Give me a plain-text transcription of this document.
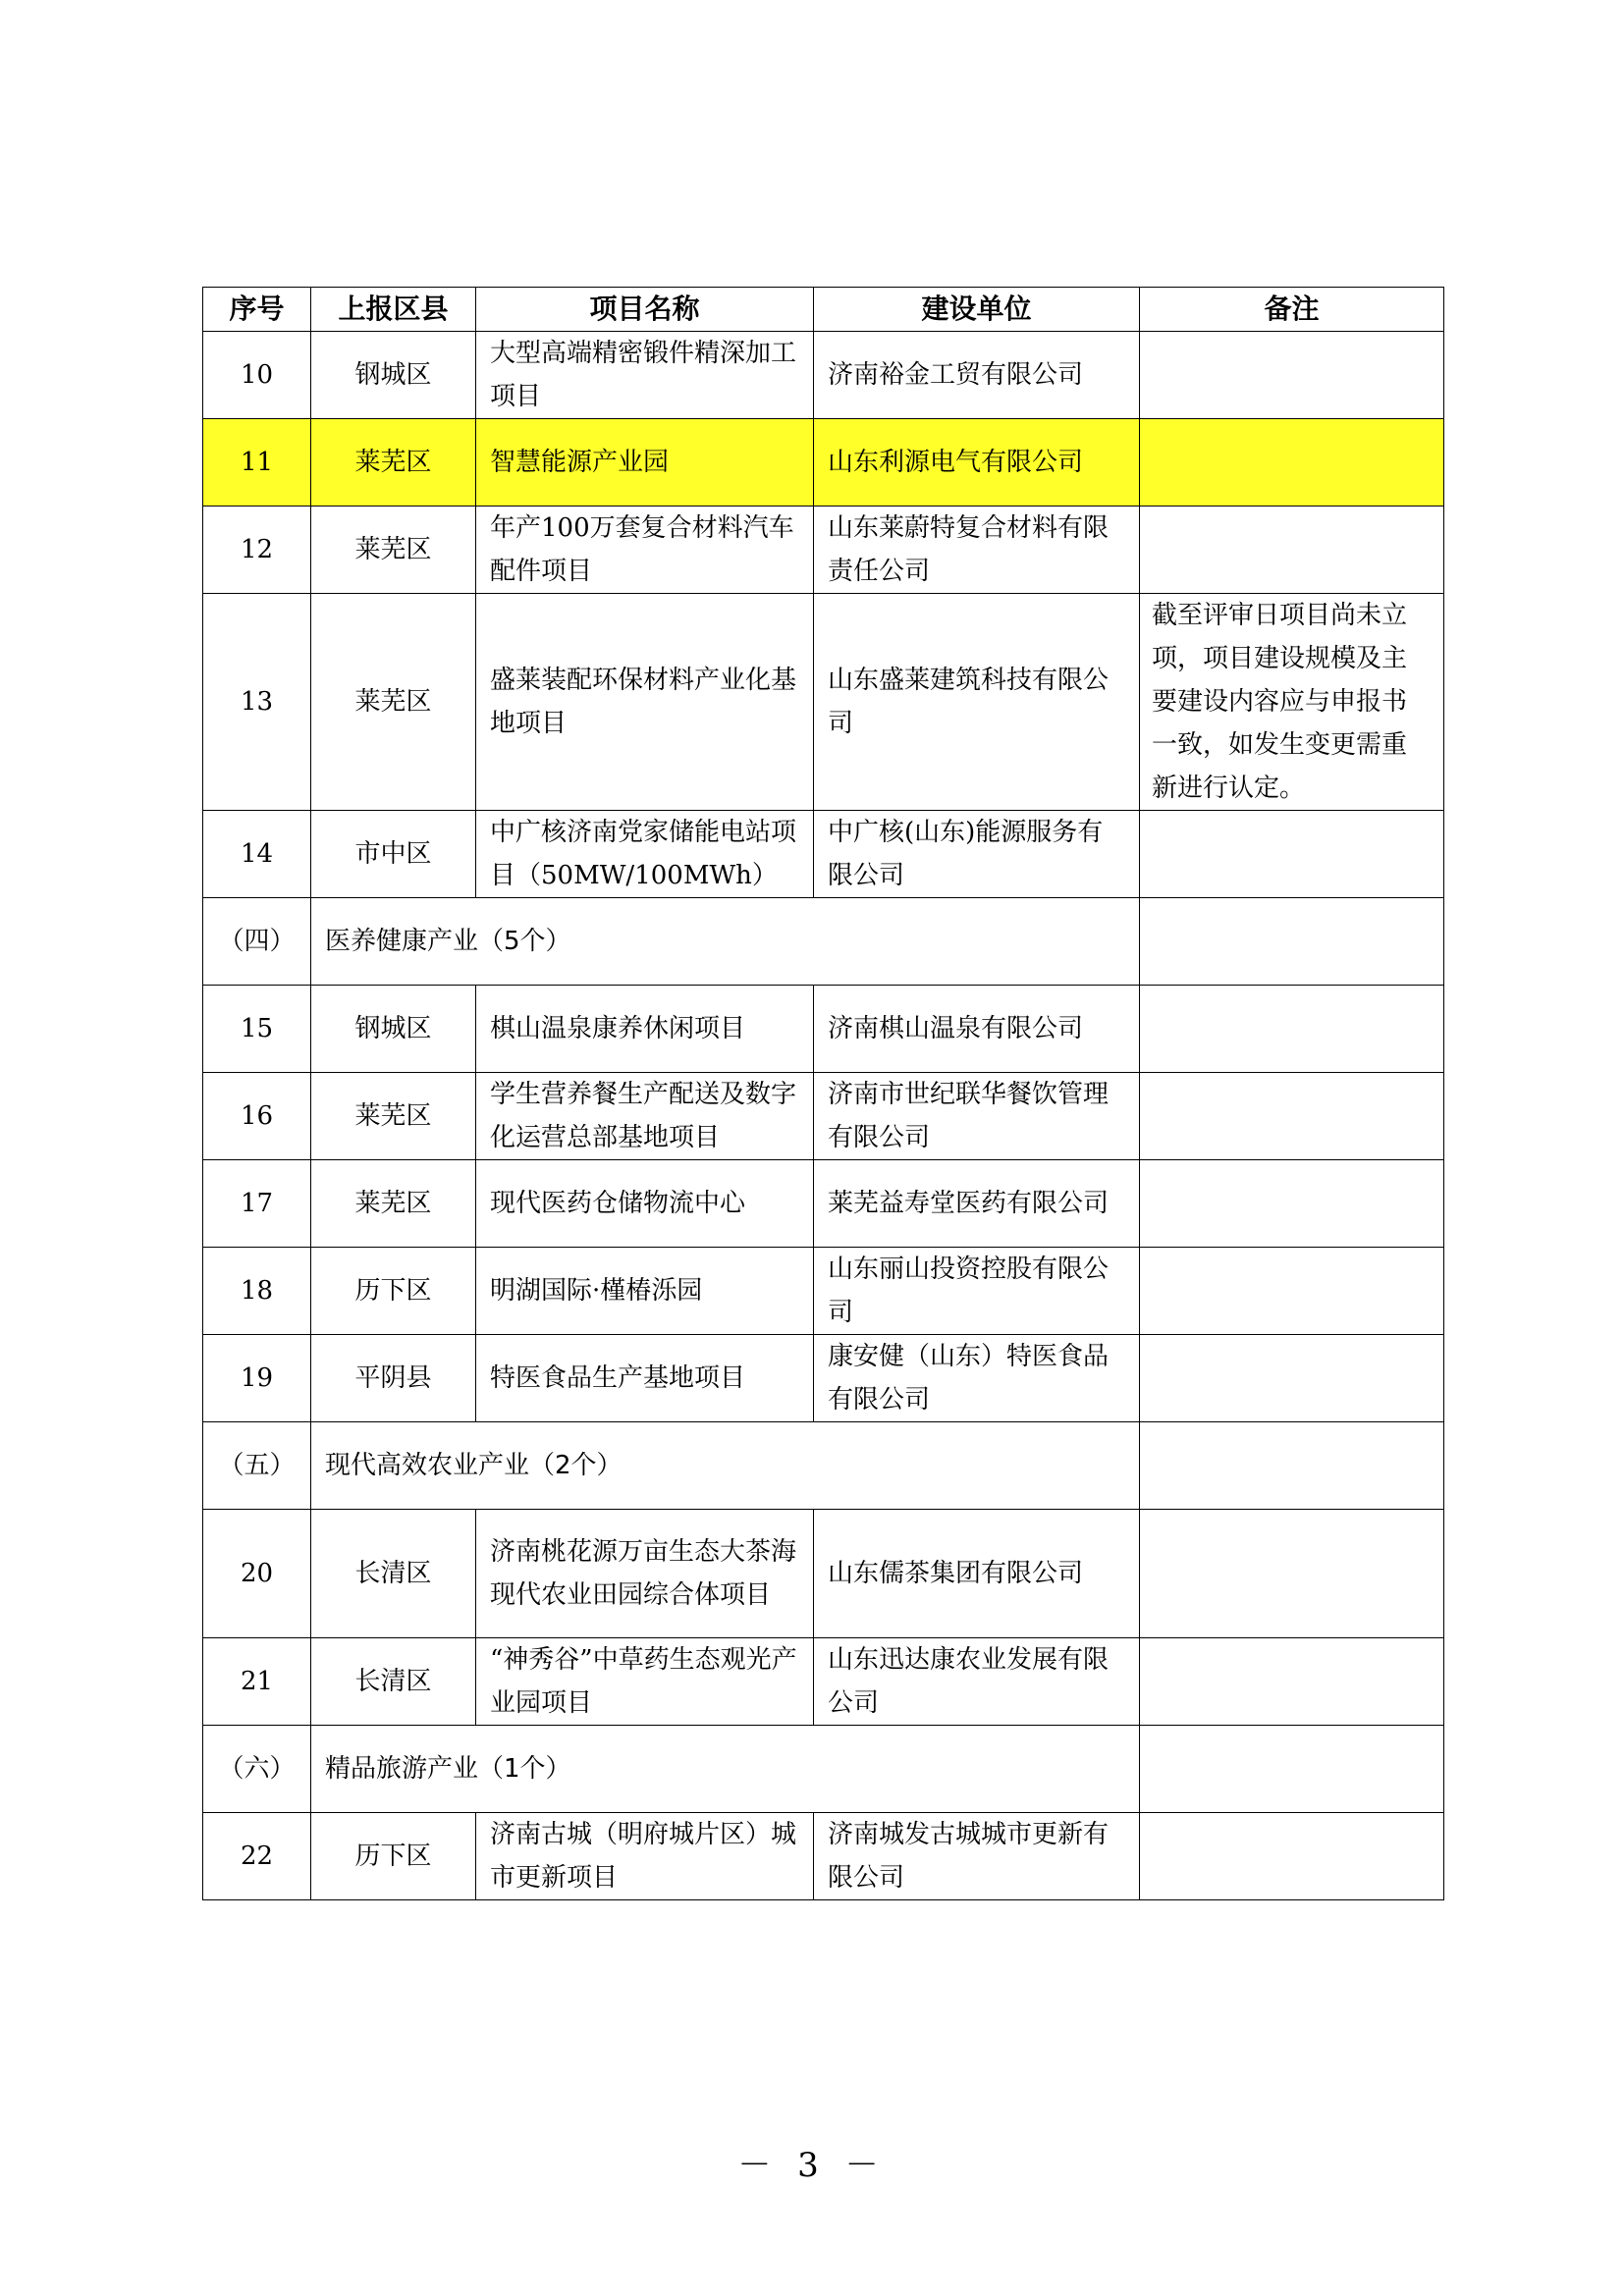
序号	上报区县	项目名称	建设单位	备注
10	钢城区	大型高端精密锻件精深加工项目	济南裕金工贸有限公司	
11	莱芜区	智慧能源产业园	山东利源电气有限公司	
12	莱芜区	年产100万套复合材料汽车配件项目	山东莱蔚特复合材料有限责任公司	
13	莱芜区	盛莱装配环保材料产业化基地项目	山东盛莱建筑科技有限公司	截至评审日项目尚未立项，项目建设规模及主要建设内容应与申报书一致，如发生变更需重新进行认定。
14	市中区	中广核济南党家储能电站项目（50MW/100MWh）	中广核(山东)能源服务有限公司	
（四）	医养健康产业（5个）			
15	钢城区	棋山温泉康养休闲项目	济南棋山温泉有限公司	
16	莱芜区	学生营养餐生产配送及数字化运营总部基地项目	济南市世纪联华餐饮管理有限公司	
17	莱芜区	现代医药仓储物流中心	莱芜益寿堂医药有限公司	
18	历下区	明湖国际·槿椿泺园	山东丽山投资控股有限公司	
19	平阴县	特医食品生产基地项目	康安健（山东）特医食品有限公司	
（五）	现代高效农业产业（2个）			
20	长清区	济南桃花源万亩生态大茶海现代农业田园综合体项目	山东儒茶集团有限公司	
21	长清区	“神秀谷”中草药生态观光产业园项目	山东迅达康农业发展有限公司	
（六）	精品旅游产业（1个）			
22	历下区	济南古城（明府城片区）城市更新项目	济南城发古城城市更新有限公司	
－ 3 －
